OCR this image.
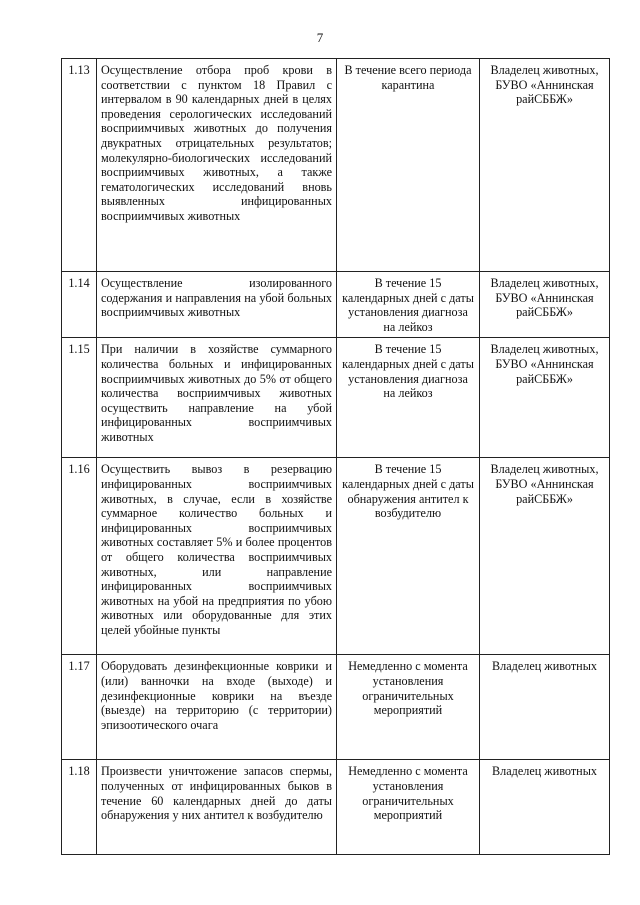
7
1.13	Осуществление отбора проб крови в соответствии с пунктом 18 Правил с интервалом в 90 календарных дней в целях проведения серологических исследований восприимчивых животных до получения двукратных отрицательных результатов; молекулярно-биологических исследований восприимчивых животных, а также гематологических исследований вновь выявленных инфицированных восприимчивых животных	В течение всего периода карантина	Владелец животных, БУВО «Аннинская райСББЖ»
1.14	Осуществление изолированного содержания и направления на убой больных восприимчивых животных	В течение 15 календарных дней с даты установления диагноза на лейкоз	Владелец животных, БУВО «Аннинская райСББЖ»
1.15	При наличии в хозяйстве суммарного количества больных и инфицированных восприимчивых животных до 5% от общего количества восприимчивых животных осуществить направление на убой инфицированных восприимчивых животных	В течение 15 календарных дней с даты установления диагноза на лейкоз	Владелец животных, БУВО «Аннинская райСББЖ»
1.16	Осуществить вывоз в резервацию инфицированных восприимчивых животных, в случае, если в хозяйстве суммарное количество больных и инфицированных восприимчивых животных составляет 5% и более процентов от общего количества восприимчивых животных, или направление инфицированных восприимчивых животных на убой на предприятия по убою животных или оборудованные для этих целей убойные пункты	В течение 15 календарных дней с даты обнаружения антител к возбудителю	Владелец животных, БУВО «Аннинская райСББЖ»
1.17	Оборудовать дезинфекционные коврики и (или) ванночки на входе (выходе) и дезинфекционные коврики на въезде (выезде) на территорию (с территории) эпизоотического очага	Немедленно с момента установления ограничительных мероприятий	Владелец животных
1.18	Произвести уничтожение запасов спермы, полученных от инфицированных быков в течение 60 календарных дней до даты обнаружения у них антител к возбудителю	Немедленно с момента установления ограничительных мероприятий	Владелец животных
